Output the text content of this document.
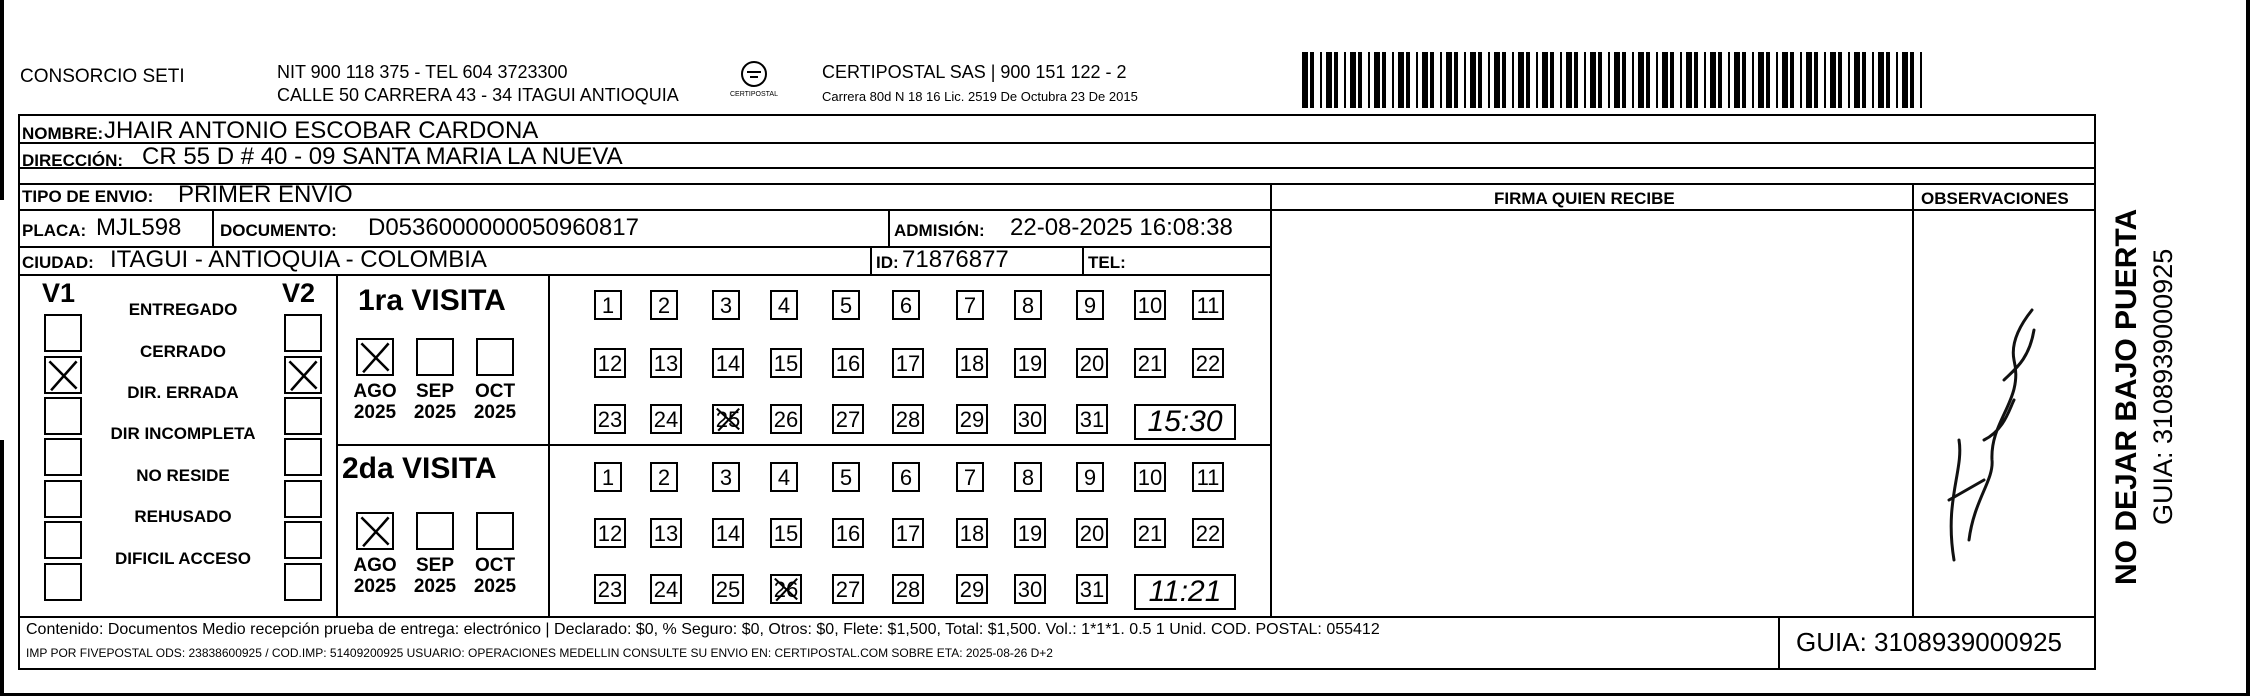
CONSORCIO SETI	NIT 900 118 375 - TEL 604 3723300
CALLE 50 CARRERA 43 - 34 ITAGUI ANTIOQUIA	CERTIPOSTAL
CERTIPOSTAL SAS | 900 151 122 - 2
Carrera 80d N 18 16 Lic. 2519 De Octubra 23 De 2015
NOMBRE: JHAIR ANTONIO ESCOBAR CARDONA
DIRECCIÓN: CR 55 D # 40 - 09 SANTA MARIA LA NUEVA
TIPO DE ENVIO: PRIMER ENVIO	FIRMA QUIEN RECIBE	OBSERVACIONES
PLACA: MJL598 DOCUMENTO: D0536000000050960817	ADMISIÓN: 22-08-2025 16:08:38
CIUDAD: ITAGUI - ANTIOQUIA - COLOMBIA	ID: 71876877	TEL:
V1	V2
ENTREGADO
CERRADO
DIR. ERRADA
DIR INCOMPLETA
NO RESIDE
REHUSADO
DIFICIL ACCESO
1ra VISITA
2da VISITA
AGO
2025
SEP
2025
OCT
2025
AGO
2025
SEP
2025
OCT
2025
1	2	3	4	5	6	7	8	9	10 11
12 13 14 15 16 17 18 19 20 21 22
23 24 25 26 27 28 29 30 31	15:30
1	2	3	4	5	6	7	8	9	10 11
12 13 14 15 16 17 18 19 20 21 22
23 24 25 26 27 28 29 30 31	11:21
Contenido: Documentos Medio recepción prueba de entrega: electrónico | Declarado: $0, % Seguro: $0, Otros: $0, Flete: $1,500, Total: $1,500. Vol.: 1*1*1. 0.5 1 Unid. COD. POSTAL: 055412
IMP POR FIVEPOSTAL ODS: 23838600925 / COD.IMP: 51409200925 USUARIO: OPERACIONES MEDELLIN CONSULTE SU ENVIO EN: CERTIPOSTAL.COM SOBRE ETA: 2025-08-26 D+2	GUIA: 3108939000925
NO DEJAR BAJO PUERTA GUIA: 3108939000925
